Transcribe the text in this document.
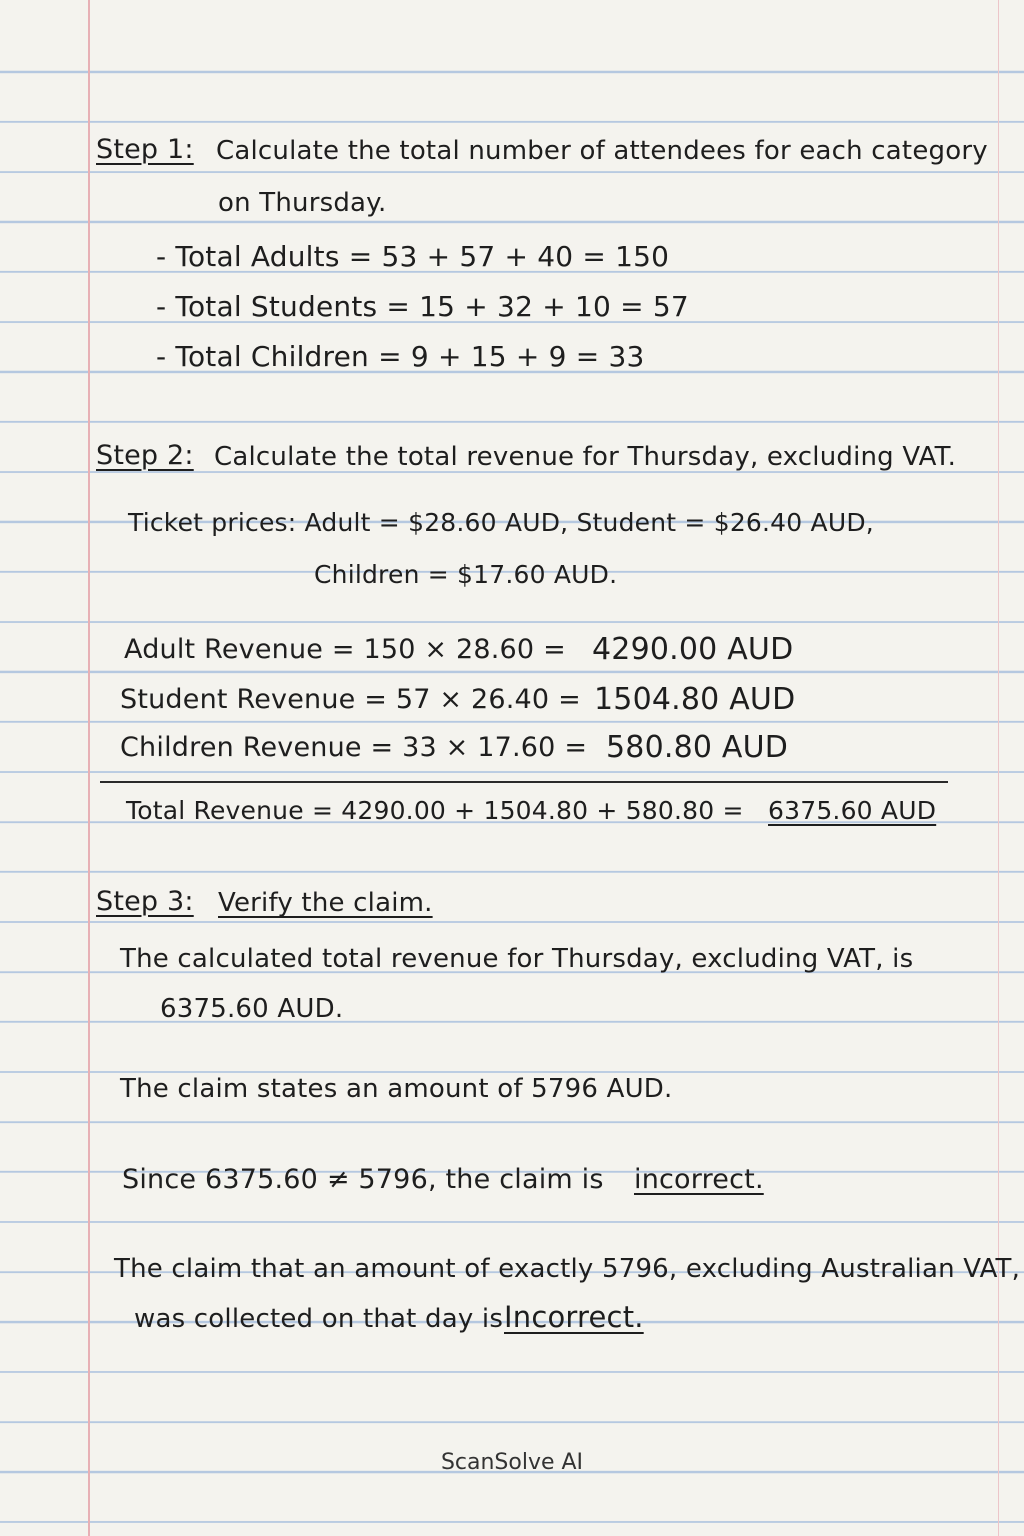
Step 1: Calculate the total number of attendees for each category
on Thursday.
- Total Adults = 53 + 57 + 40 = 150
- Total Students = 15 + 32 + 10 = 57
- Total Children = 9 + 15 + 9 = 33
Step 2: Calculate the total revenue for Thursday, excluding VAT.
Ticket prices: Adult = $28.60 AUD, Student = $26.40 AUD,
Children = $17.60 AUD.
Adult Revenue = 150 × 28.60 = 4290.00 AUD
Student Revenue = 57 × 26.40 = 1504.80 AUD
Children Revenue = 33 × 17.60 = 580.80 AUD
Total Revenue = 4290.00 + 1504.80 + 580.80 = 6375.60 AUD
Step 3: Verify the claim.
The calculated total revenue for Thursday, excluding VAT, is
6375.60 AUD.
The claim states an amount of 5796 AUD.
Since 6375.60 ≠ 5796, the claim is incorrect.
The claim that an amount of exactly 5796, excluding Australian VAT,
was collected on that day is Incorrect.
ScanSolve AI
